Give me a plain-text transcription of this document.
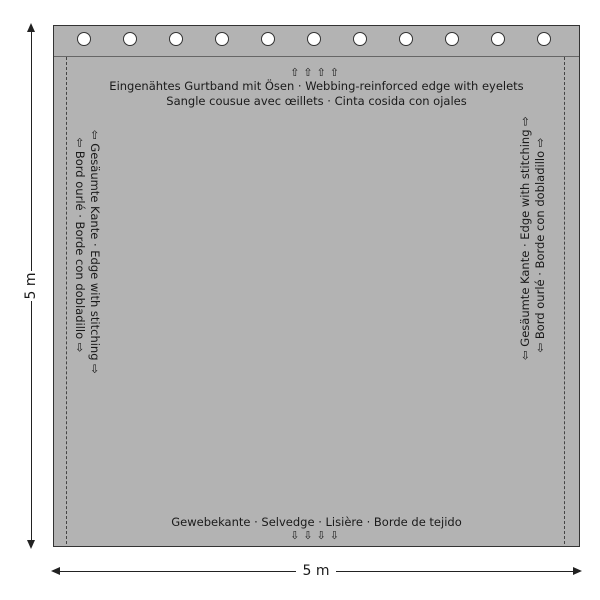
⇧⇧⇧⇧
Eingenähtes Gurtband mit Ösen · Webbing-reinforced edge with eyelets
Sangle cousue avec œillets · Cinta cosida con ojales
Gewebekante · Selvedge · Lisière · Borde de tejido
⇩⇩⇩⇩
⇦ Gesäumte Kante · Edge with stitching ⇨
⇦ Bord ourlé · Borde con dobladillo ⇨	⇦ Gesäumte Kante · Edge with stitching ⇨ ⇦ Bord ourlé · Borde con dobladillo ⇨
5 m
5 m
